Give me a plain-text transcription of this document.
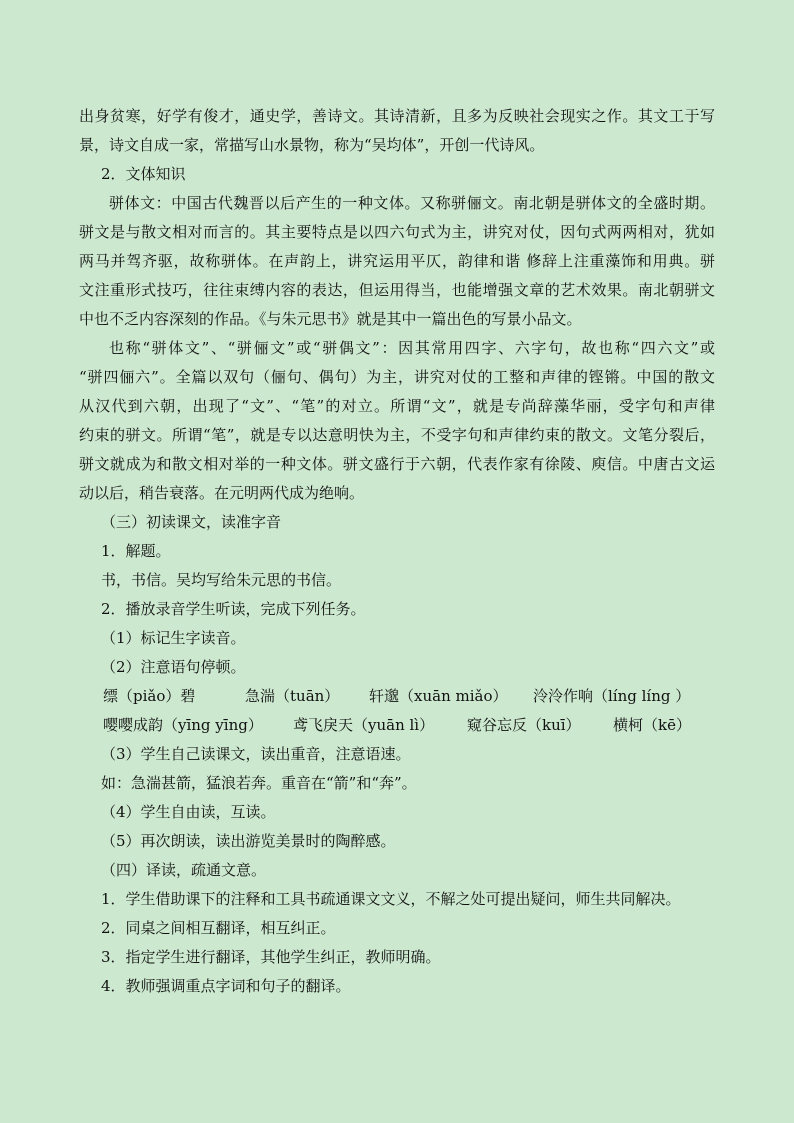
出身贫寒，好学有俊才，通史学，善诗文。其诗清新，且多为反映社会现实之作。其文工于写
景，诗文自成一家，常描写山水景物，称为“吴均体”，开创一代诗风。
2．文体知识
骈体文：中国古代魏晋以后产生的一种文体。又称骈俪文。南北朝是骈体文的全盛时期。
骈文是与散文相对而言的。其主要特点是以四六句式为主，讲究对仗，因句式两两相对，犹如
两马并驾齐驱，故称骈体。在声韵上，讲究运用平仄，韵律和谐 修辞上注重藻饰和用典。骈
文注重形式技巧，往往束缚内容的表达，但运用得当，也能增强文章的艺术效果。南北朝骈文
中也不乏内容深刻的作品。《与朱元思书》就是其中一篇出色的写景小品文。
也称“骈体文”、“骈俪文”或“骈偶文”：因其常用四字、六字句，故也称“四六文”或
“骈四俪六”。全篇以双句（俪句、偶句）为主，讲究对仗的工整和声律的铿锵。中国的散文
从汉代到六朝，出现了“文”、“笔”的对立。所谓“文”，就是专尚辞藻华丽，受字句和声律
约束的骈文。所谓“笔”，就是专以达意明快为主，不受字句和声律约束的散文。文笔分裂后，
骈文就成为和散文相对举的一种文体。骈文盛行于六朝，代表作家有徐陵、庾信。中唐古文运
动以后，稍告衰落。在元明两代成为绝响。
（三）初读课文，读准字音
1．解题。
书，书信。吴均写给朱元思的书信。
2．播放录音学生听读，完成下列任务。
（1）标记生字读音。
（2）注意语句停顿。
缥（piǎo）碧	急湍（tuān） 轩邈（xuān miǎo） 泠泠作响（líng líng ）
嘤嘤成韵（yīng yīng） 鸢飞戾天（yuān lì） 窥谷忘反（kuī） 横柯（kē）
（3）学生自己读课文，读出重音，注意语速。
如：急湍甚箭，猛浪若奔。重音在“箭”和“奔”。
（4）学生自由读，互读。
（5）再次朗读，读出游览美景时的陶醉感。
（四）译读，疏通文意。
1．学生借助课下的注释和工具书疏通课文文义，不解之处可提出疑问，师生共同解决。
2．同桌之间相互翻译，相互纠正。
3．指定学生进行翻译，其他学生纠正，教师明确。
4．教师强调重点字词和句子的翻译。
